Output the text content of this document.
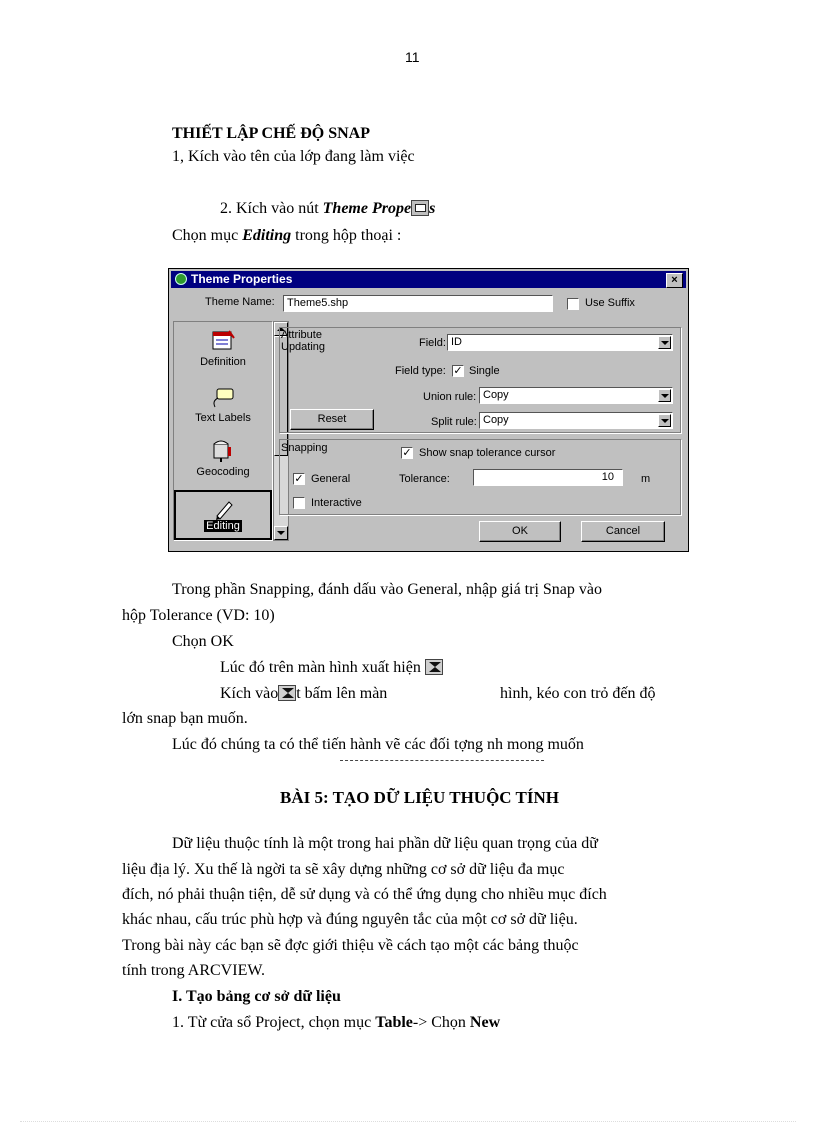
11
THIẾT LẬP CHẾ ĐỘ SNAP
1, Kích vào tên của lớp đang làm việc
2. Kích vào nút Theme Prope s
Chọn mục Editing trong hộp thoại :
Theme Properties	×
Theme Name:	Theme5.shp	Use Suffix
Definition
Text Labels
Geocoding
Editing
Attribute Updating	Field: ID
Field type: ✓ Single
Union rule: Copy
Reset	Split rule: Copy
Snapping	✓ Show snap tolerance cursor
✓ General	Tolerance:	10	m
Interactive
OK	Cancel
Trong phần Snapping, đánh dấu vào General, nhập giá trị Snap vào
hộp Tolerance (VD: 10)
Chọn OK
Lúc đó trên màn hình xuất hiện
Kích vào t bấm lên màn	hình, kéo con trỏ đến độ
lớn snap bạn muốn.
Lúc đó chúng ta có thể tiến hành vẽ các đối tợng nh mong muốn
BÀI 5: TẠO DỮ LIỆU THUỘC TÍNH
Dữ liệu thuộc tính là một trong hai phần dữ liệu quan trọng của dữ
liệu địa lý. Xu thế là ngời ta sẽ xây dựng những cơ sở dữ liệu đa mục
đích, nó phải thuận tiện, dễ sử dụng và có thể ứng dụng cho nhiều mục đích
khác nhau, cấu trúc phù hợp và đúng nguyên tắc của một cơ sở dữ liệu.
Trong bài này các bạn sẽ đợc giới thiệu về cách tạo một các bảng thuộc
tính trong ARCVIEW.
I. Tạo bảng cơ sở dữ liệu
1. Từ cửa sổ Project, chọn mục Table-> Chọn New
